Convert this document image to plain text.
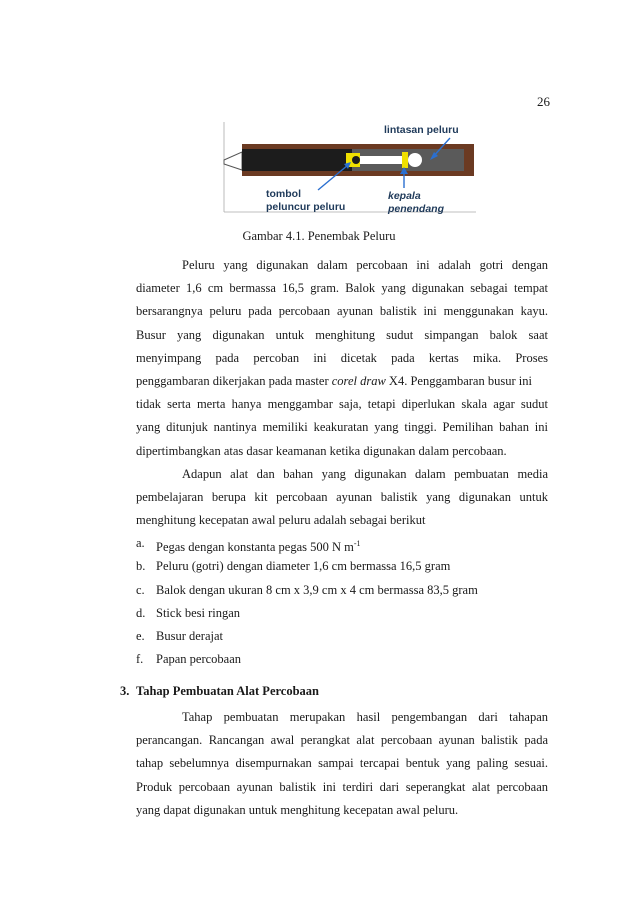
26
lintasan peluru
tombol
peluncur peluru
kepala
penendang
Gambar 4.1. Penembak Peluru
Peluru yang digunakan dalam percobaan ini adalah gotri dengan
diameter 1,6 cm bermassa 16,5 gram. Balok yang digunakan sebagai tempat
bersarangnya peluru pada percobaan ayunan balistik ini menggunakan kayu.
Busur yang digunakan untuk menghitung sudut simpangan balok saat
menyimpang pada percoban ini dicetak pada kertas mika. Proses
penggambaran dikerjakan pada master corel draw X4. Penggambaran busur ini
tidak serta merta hanya menggambar saja, tetapi diperlukan skala agar sudut
yang ditunjuk nantinya memiliki keakuratan yang tinggi. Pemilihan bahan ini
dipertimbangkan atas dasar keamanan ketika digunakan dalam percobaan.
Adapun alat dan bahan yang digunakan dalam pembuatan media
pembelajaran berupa kit percobaan ayunan balistik yang digunakan untuk
menghitung kecepatan awal peluru adalah sebagai berikut
a. Pegas dengan konstanta pegas 500 N $m^{-1}$
b. Peluru (gotri) dengan diameter 1,6 cm bermassa 16,5 gram
c. Balok dengan ukuran 8 cm x 3,9 cm x 4 cm bermassa 83,5 gram
d. Stick besi ringan
e. Busur derajat
f. Papan percobaan
3. Tahap Pembuatan Alat Percobaan
Tahap pembuatan merupakan hasil pengembangan dari tahapan
perancangan. Rancangan awal perangkat alat percobaan ayunan balistik pada
tahap sebelumnya disempurnakan sampai tercapai bentuk yang paling sesuai.
Produk percobaan ayunan balistik ini terdiri dari seperangkat alat percobaan
yang dapat digunakan untuk menghitung kecepatan awal peluru.
